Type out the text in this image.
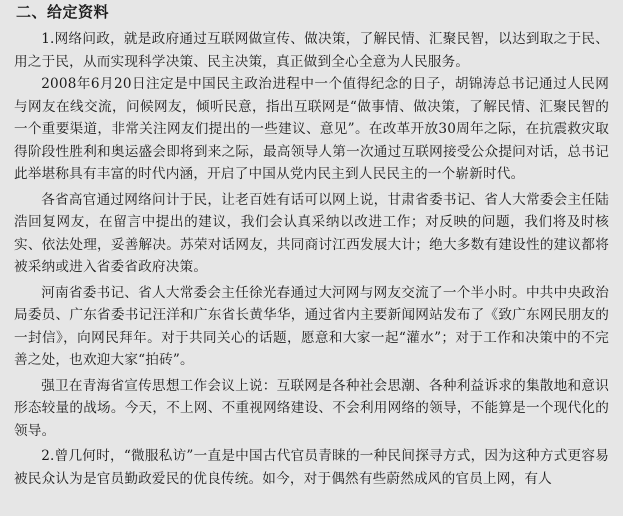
二、给定资料

1.网络问政，就是政府通过互联网做宣传、做决策，了解民情、汇聚民智，以达到取之于民、用之于民，从而实现科学决策、民主决策，真正做到全心全意为人民服务。

2008年6月20日注定是中国民主政治进程中一个值得纪念的日子，胡锦涛总书记通过人民网与网友在线交流，问候网友，倾听民意，指出互联网是“做事情、做决策，了解民情、汇聚民智的一个重要渠道，非常关注网友们提出的一些建议、意见”。在改革开放30周年之际，在抗震救灾取得阶段性胜利和奥运盛会即将到来之际，最高领导人第一次通过互联网接受公众提问对话，总书记此举堪称具有丰富的时代内涵，开启了中国从党内民主到人民民主的一个崭新时代。

各省高官通过网络问计于民，让老百姓有话可以网上说，甘肃省委书记、省人大常委会主任陆浩回复网友，在留言中提出的建议，我们会认真采纳以改进工作；对反映的问题，我们将及时核实、依法处理，妥善解决。苏荣对话网友，共同商讨江西发展大计；绝大多数有建设性的建议都将被采纳或进入省委省政府决策。

河南省委书记、省人大常委会主任徐光春通过大河网与网友交流了一个半小时。中共中央政治局委员、广东省委书记汪洋和广东省长黄华华，通过省内主要新闻网站发布了《致广东网民朋友的一封信》，向网民拜年。对于共同关心的话题，愿意和大家一起“灌水”；对于工作和决策中的不完善之处，也欢迎大家“拍砖”。

强卫在青海省宣传思想工作会议上说：互联网是各种社会思潮、各种利益诉求的集散地和意识形态较量的战场。今天，不上网、不重视网络建设、不会利用网络的领导，不能算是一个现代化的领导。

2.曾几何时，“微服私访”一直是中国古代官员青睐的一种民间探寻方式，因为这种方式更容易被民众认为是官员勤政爱民的优良传统。如今，对于偶然有些蔚然成风的官员上网，有人
